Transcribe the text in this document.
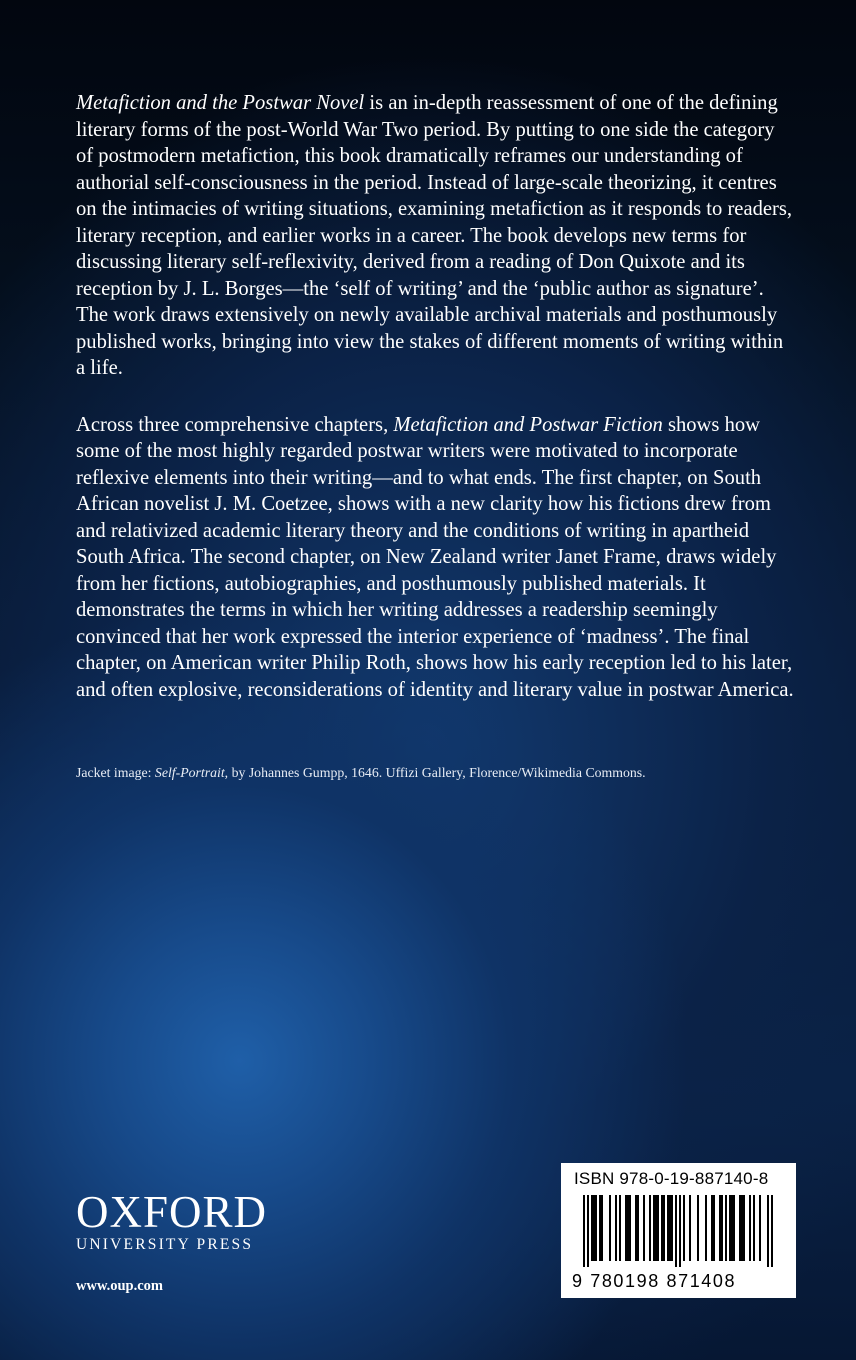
Metafiction and the Postwar Novel is an in-depth reassessment of one of the defining literary forms of the post-World War Two period. By putting to one side the category of postmodern metafiction, this book dramatically reframes our understanding of authorial self-consciousness in the period. Instead of large-scale theorizing, it centres on the intimacies of writing situations, examining metafiction as it responds to readers, literary reception, and earlier works in a career. The book develops new terms for discussing literary self-reflexivity, derived from a reading of Don Quixote and its reception by J. L. Borges—the ‘self of writing’ and the ‘public author as signature’. The work draws extensively on newly available archival materials and posthumously published works, bringing into view the stakes of different moments of writing within a life.

Across three comprehensive chapters, Metafiction and Postwar Fiction shows how some of the most highly regarded postwar writers were motivated to incorporate reflexive elements into their writing—and to what ends. The first chapter, on South African novelist J. M. Coetzee, shows with a new clarity how his fictions drew from and relativized academic literary theory and the conditions of writing in apartheid South Africa. The second chapter, on New Zealand writer Janet Frame, draws widely from her fictions, autobiographies, and posthumously published materials. It demonstrates the terms in which her writing addresses a readership seemingly convinced that her work expressed the interior experience of ‘madness’. The final chapter, on American writer Philip Roth, shows how his early reception led to his later, and often explosive, reconsiderations of identity and literary value in postwar America.

Jacket image: Self-Portrait, by Johannes Gumpp, 1646. Uffizi Gallery, Florence/Wikimedia Commons.
OXFORD
UNIVERSITY PRESS
www.oup.com
ISBN 978-0-19-887140-8
9 780198 871408
